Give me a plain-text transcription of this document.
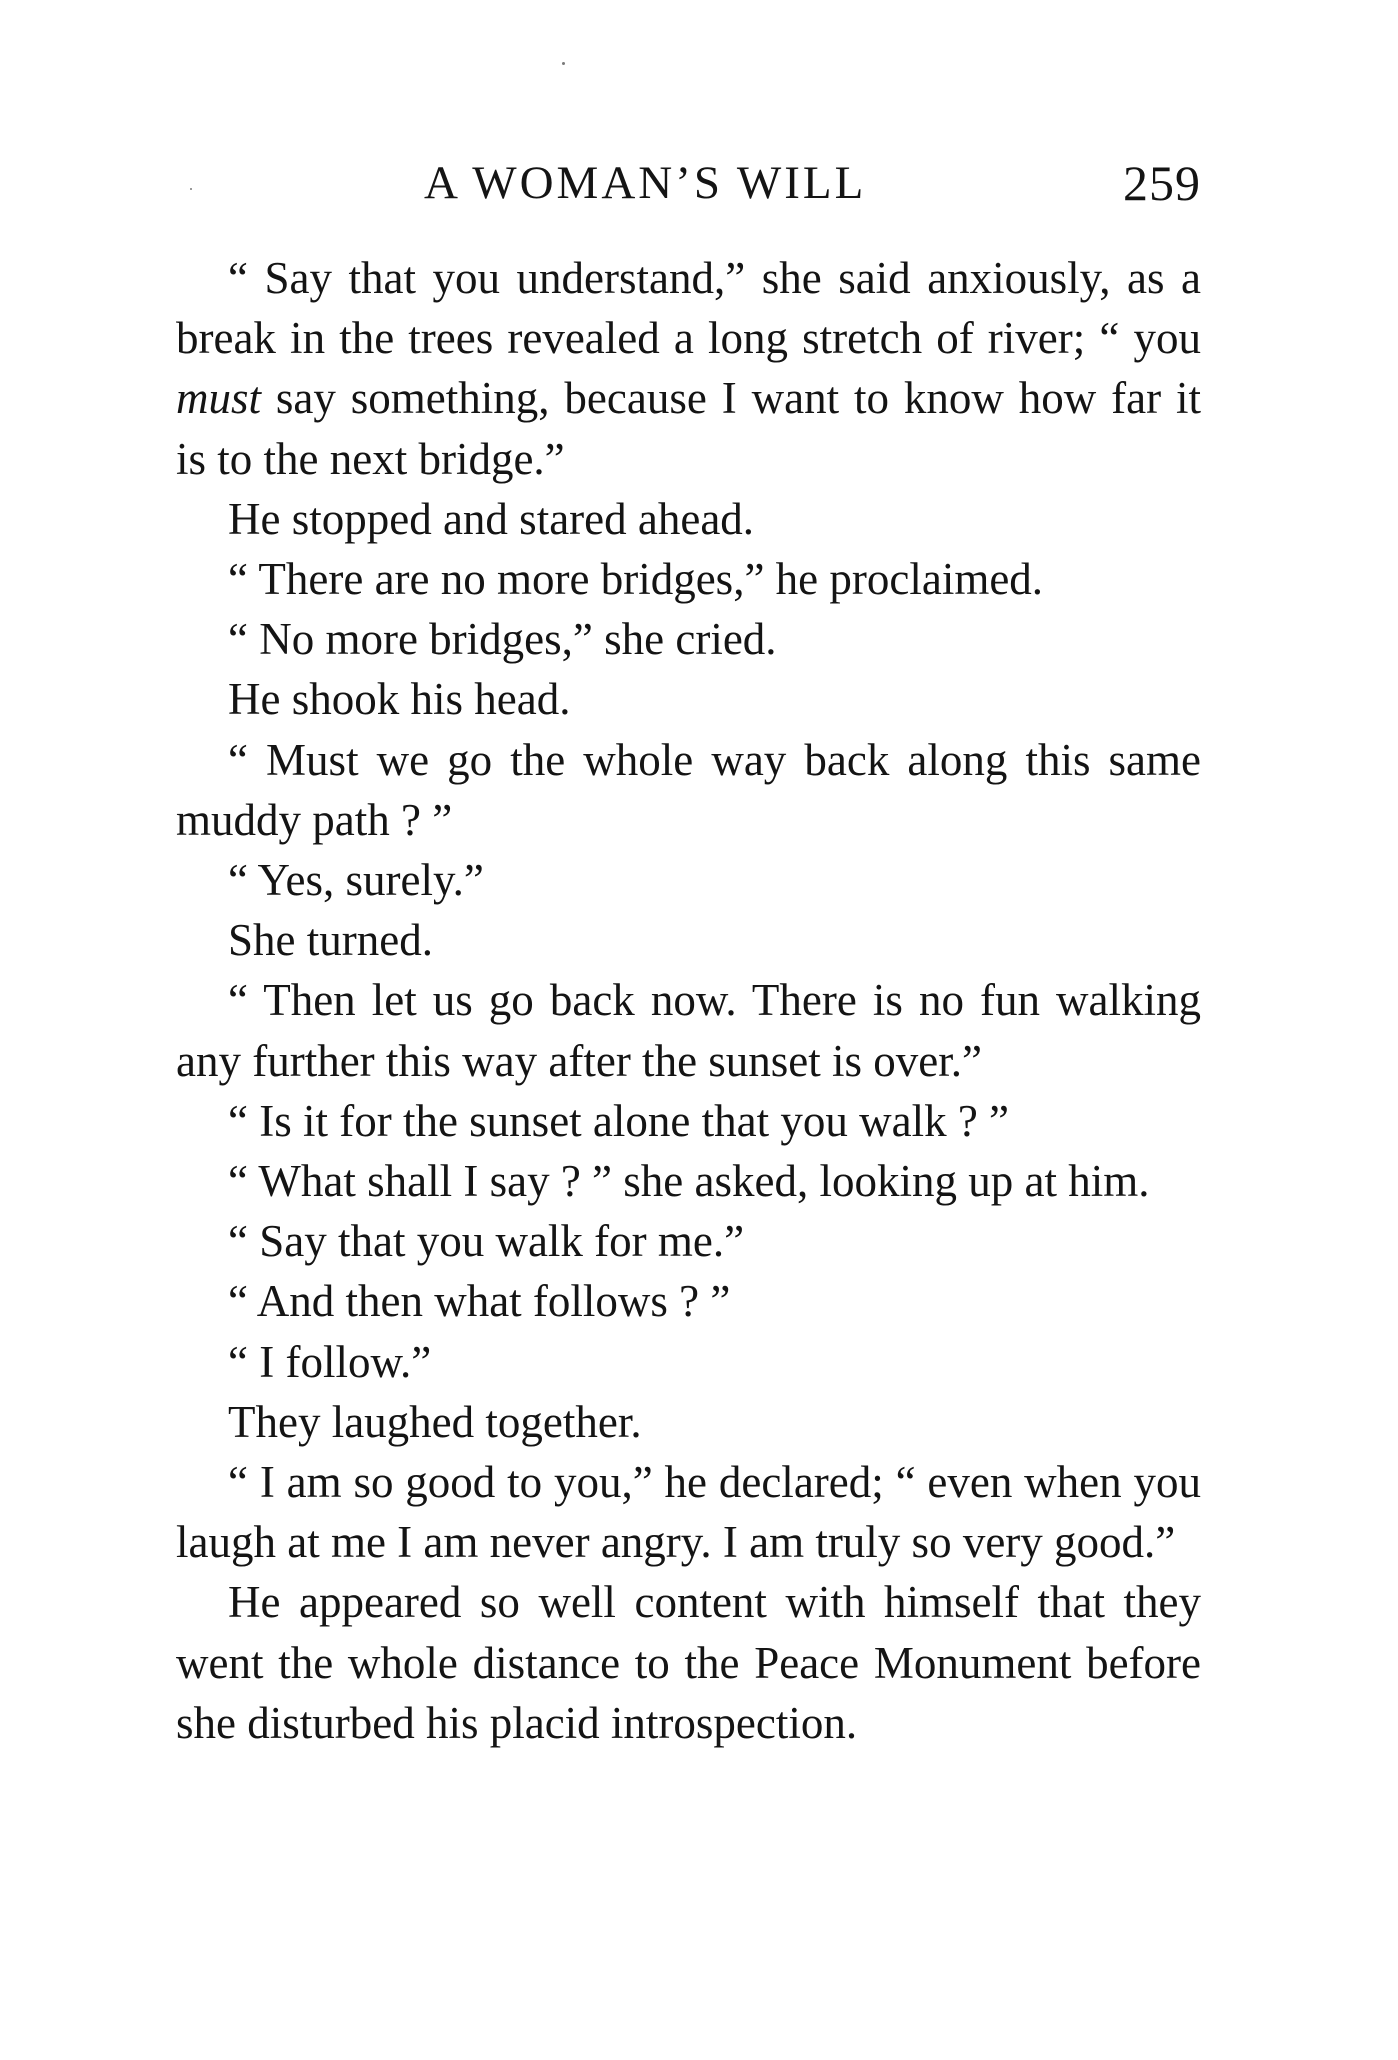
A WOMAN’S WILL	259

“ Say that you understand,” she said anxiously, as a break in the trees revealed a long stretch of river; “ you must say something, because I want to know how far it is to the next bridge.”

He stopped and stared ahead.

“ There are no more bridges,” he proclaimed.

“ No more bridges,” she cried.

He shook his head.

“ Must we go the whole way back along this same muddy path ? ”

“ Yes, surely.”

She turned.

“ Then let us go back now. There is no fun walking any further this way after the sunset is over.”

“ Is it for the sunset alone that you walk ? ”

“ What shall I say ? ” she asked, looking up at him.

“ Say that you walk for me.”

“ And then what follows ? ”

“ I follow.”

They laughed together.

“ I am so good to you,” he declared; “ even when you laugh at me I am never angry. I am truly so very good.”

He appeared so well content with himself that they went the whole distance to the Peace Monument before she disturbed his placid introspection.
